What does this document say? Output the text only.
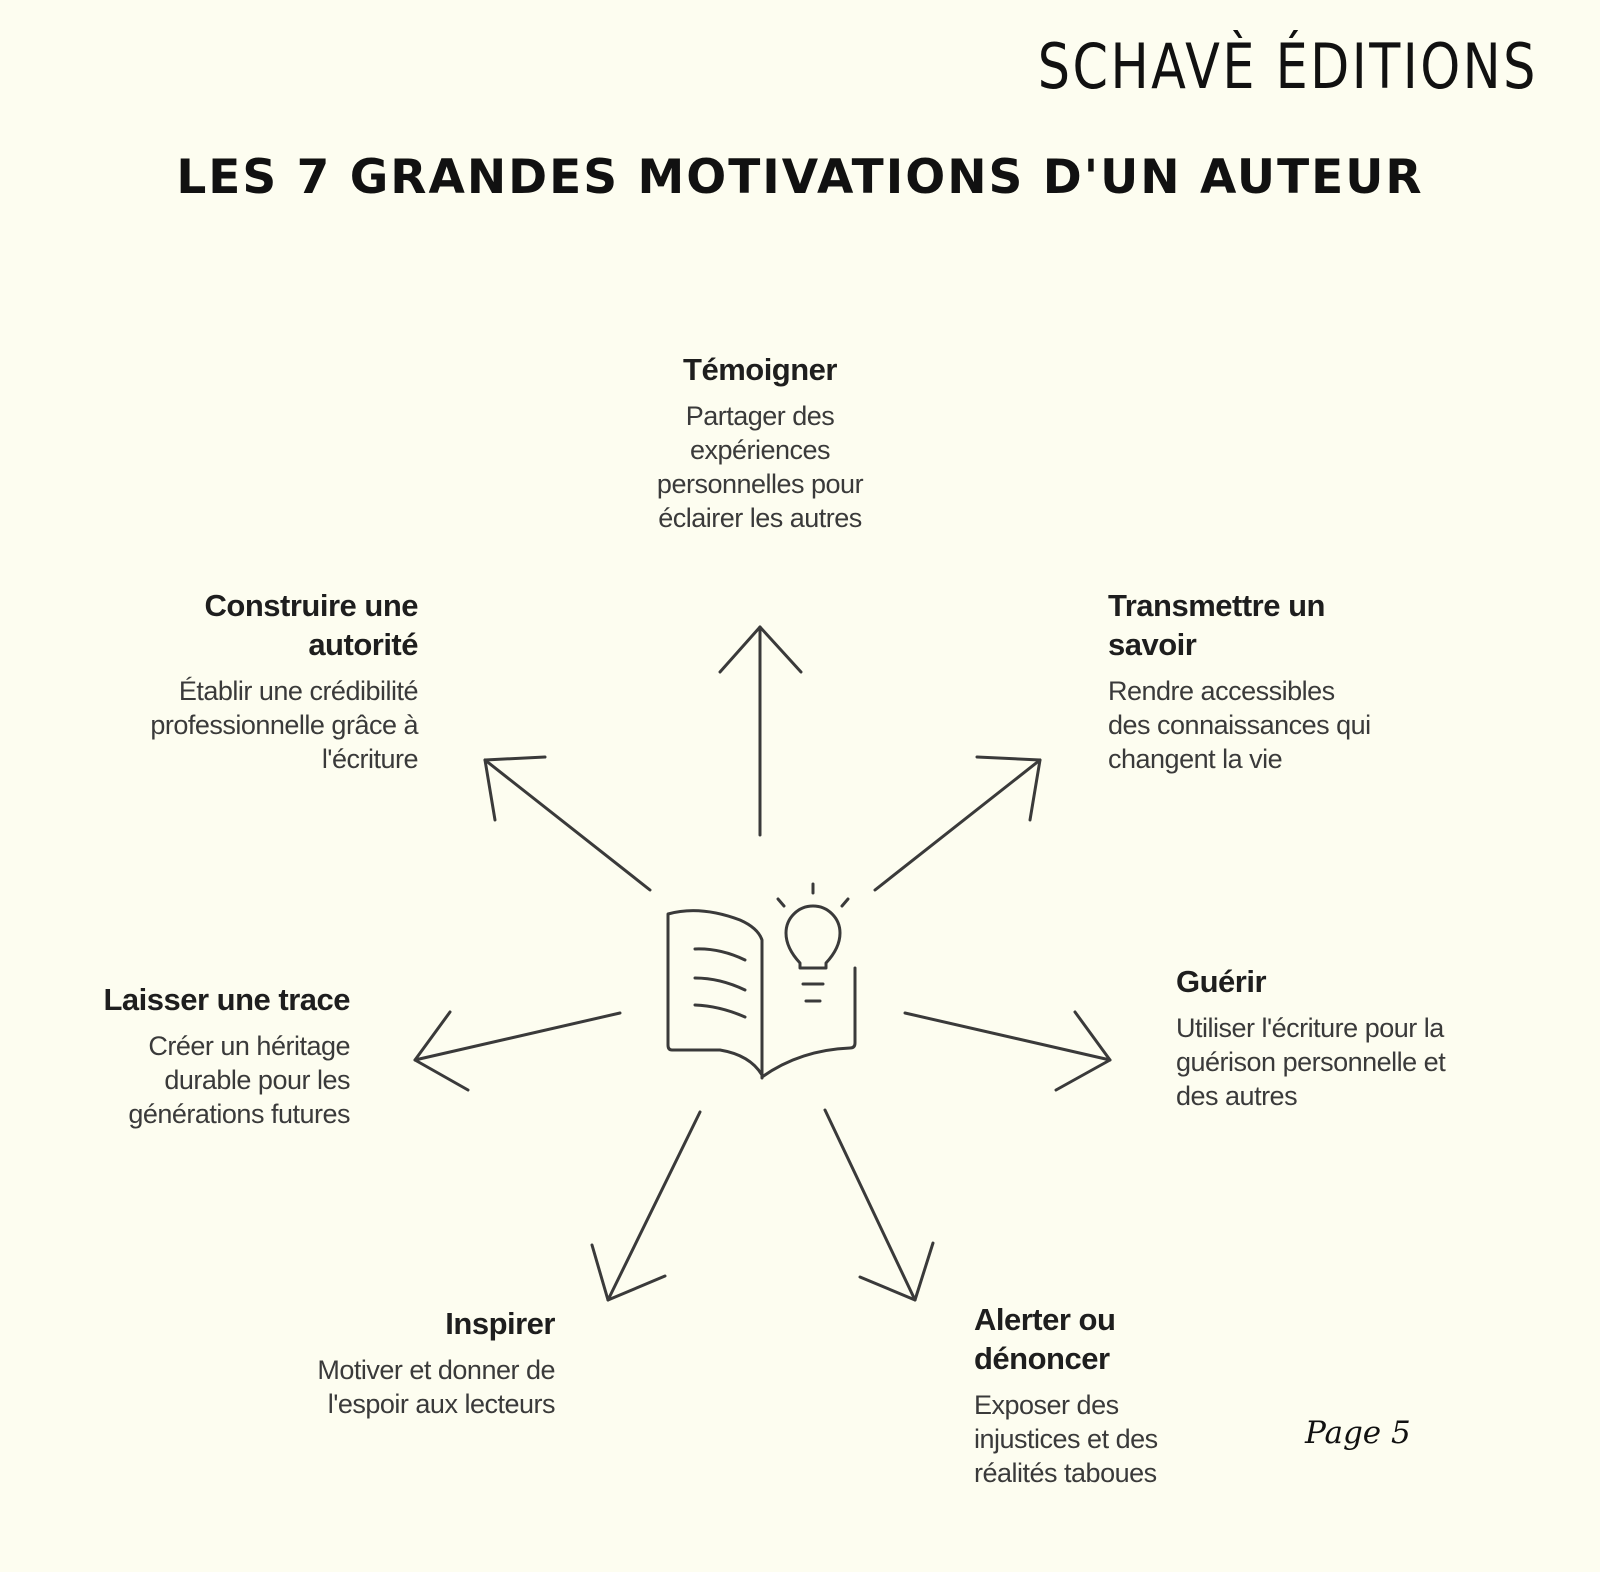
SCHAVÈ ÉDITIONS
LES 7 GRANDES MOTIVATIONS D'UN AUTEUR
Témoigner
Partager des expériences personnelles pour éclairer les autres
Transmettre un savoir
Rendre accessibles des connaissances qui changent la vie
Guérir
Utiliser l'écriture pour la guérison personnelle et des autres
Alerter ou dénoncer
Exposer des injustices et des réalités taboues
Inspirer
Motiver et donner de l'espoir aux lecteurs
Laisser une trace
Créer un héritage durable pour les générations futures
Construire une autorité
Établir une crédibilité professionnelle grâce à l'écriture
Page 5
